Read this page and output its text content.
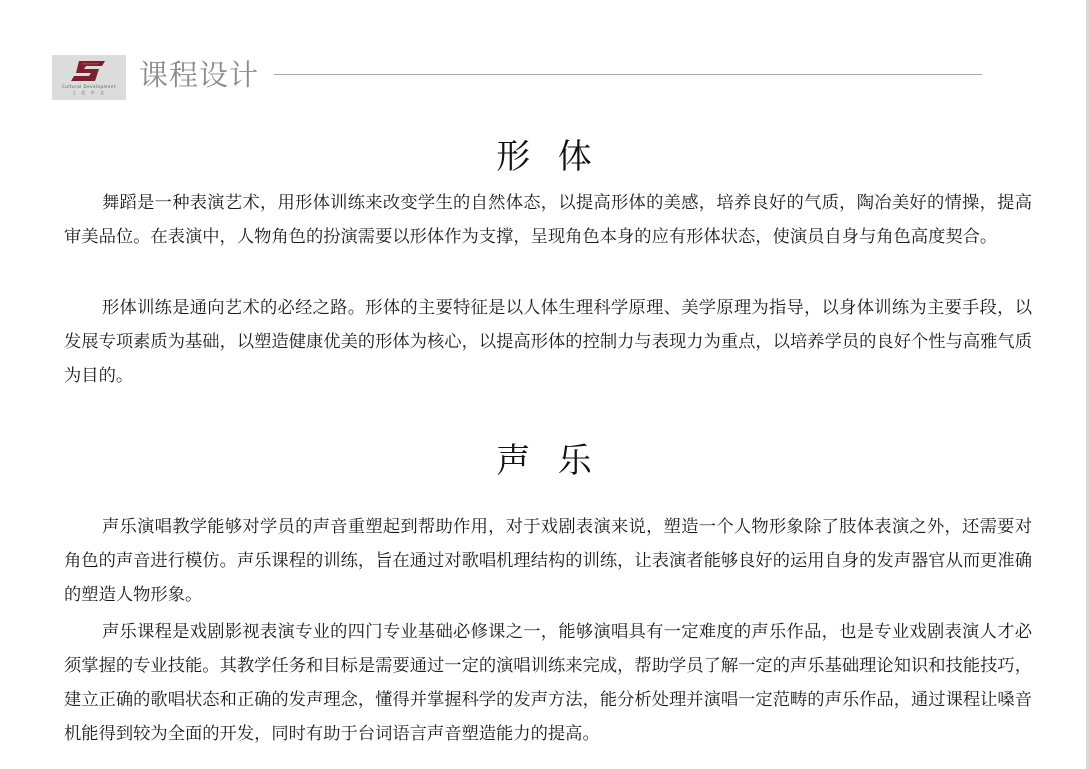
Cultural Development
上 北 中 文
课程设计
形  体

舞蹈是一种表演艺术，用形体训练来改变学生的自然体态，以提高形体的美感，培养良好的气质，陶冶美好的情操，提高审美品位。在表演中，人物角色的扮演需要以形体作为支撑，呈现角色本身的应有形体状态，使演员自身与角色高度契合。

形体训练是通向艺术的必经之路。形体的主要特征是以人体生理科学原理、美学原理为指导，以身体训练为主要手段，以发展专项素质为基础，以塑造健康优美的形体为核心，以提高形体的控制力与表现力为重点，以培养学员的良好个性与高雅气质为目的。

声  乐

声乐演唱教学能够对学员的声音重塑起到帮助作用，对于戏剧表演来说，塑造一个人物形象除了肢体表演之外，还需要对角色的声音进行模仿。声乐课程的训练，旨在通过对歌唱机理结构的训练，让表演者能够良好的运用自身的发声器官从而更准确的塑造人物形象。

声乐课程是戏剧影视表演专业的四门专业基础必修课之一，能够演唱具有一定难度的声乐作品，也是专业戏剧表演人才必须掌握的专业技能。其教学任务和目标是需要通过一定的演唱训练来完成，帮助学员了解一定的声乐基础理论知识和技能技巧，建立正确的歌唱状态和正确的发声理念，懂得并掌握科学的发声方法，能分析处理并演唱一定范畴的声乐作品，通过课程让嗓音机能得到较为全面的开发，同时有助于台词语言声音塑造能力的提高。
